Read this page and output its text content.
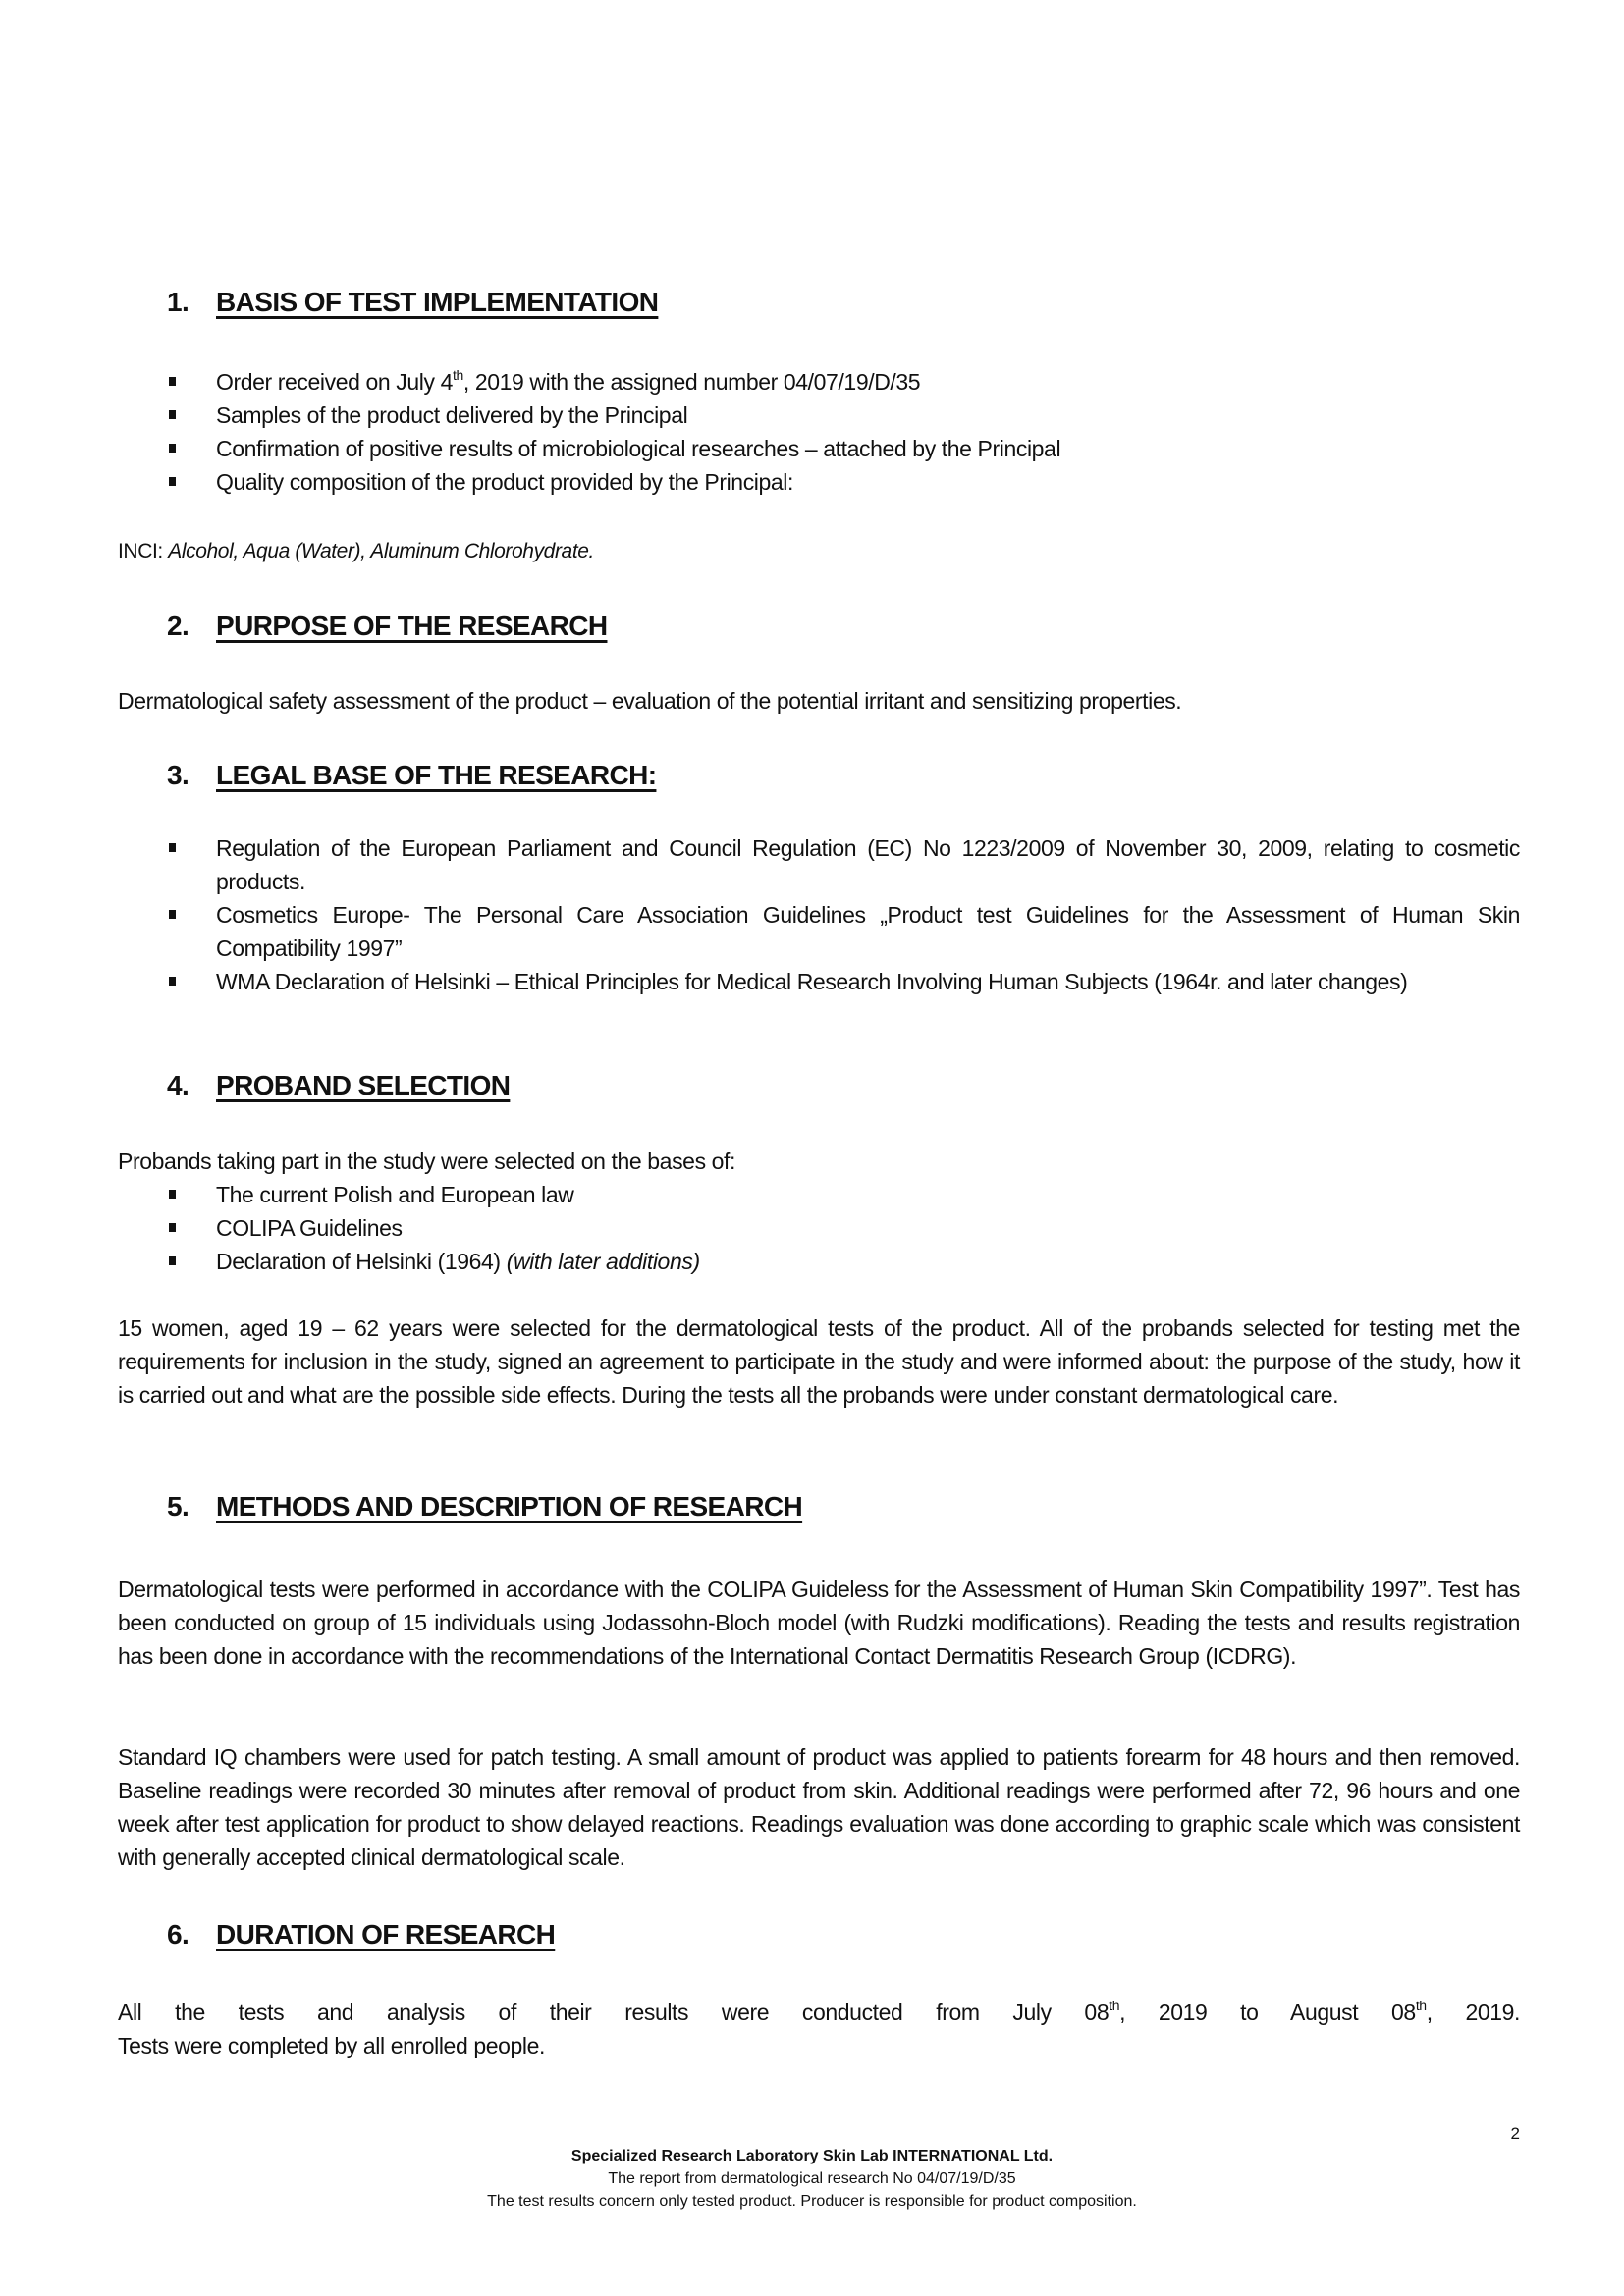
1. BASIS OF TEST IMPLEMENTATION
Order received on July 4th, 2019 with the assigned number 04/07/19/D/35
Samples of the product delivered by the Principal
Confirmation of positive results of microbiological researches – attached by the Principal
Quality composition of the product provided by the Principal:
INCI: Alcohol, Aqua (Water), Aluminum Chlorohydrate.
2. PURPOSE OF THE RESEARCH
Dermatological safety assessment of the product – evaluation of the potential irritant and sensitizing properties.
3. LEGAL BASE OF THE RESEARCH:
Regulation of the European Parliament and Council Regulation (EC) No 1223/2009 of November 30, 2009, relating to cosmetic products.
Cosmetics Europe- The Personal Care Association Guidelines „Product test Guidelines for the Assessment of Human Skin Compatibility 1997”
WMA Declaration of Helsinki – Ethical Principles for Medical Research Involving Human Subjects (1964r. and later changes)
4. PROBAND SELECTION
Probands taking part in the study were selected on the bases of:
The current Polish and European law
COLIPA Guidelines
Declaration of Helsinki (1964) (with later additions)
15 women, aged 19 – 62 years were selected for the dermatological tests of the product. All of the probands selected for testing met the requirements for inclusion in the study, signed an agreement to participate in the study and were informed about: the purpose of the study, how it is carried out and what are the possible side effects. During the tests all the probands were under constant dermatological care.
5. METHODS AND DESCRIPTION OF RESEARCH
Dermatological tests were performed in accordance with the COLIPA Guideless for the Assessment of Human Skin Compatibility 1997”. Test has been conducted on group of 15 individuals using Jodassohn-Bloch model (with Rudzki modifications). Reading the tests and results registration has been done in accordance with the recommendations of the International Contact Dermatitis Research Group (ICDRG).
Standard IQ chambers were used for patch testing. A small amount of product was applied to patients forearm for 48 hours and then removed. Baseline readings were recorded 30 minutes after removal of product from skin. Additional readings were performed after 72, 96 hours and one week after test application for product to show delayed reactions. Readings evaluation was done according to graphic scale which was consistent with generally accepted clinical dermatological scale.
6. DURATION OF RESEARCH
All the tests and analysis of their results were conducted from July 08th, 2019 to August 08th, 2019.
Tests were completed by all enrolled people.
2
Specialized Research Laboratory Skin Lab INTERNATIONAL Ltd.
The report from dermatological research No 04/07/19/D/35
The test results concern only tested product. Producer is responsible for product composition.
